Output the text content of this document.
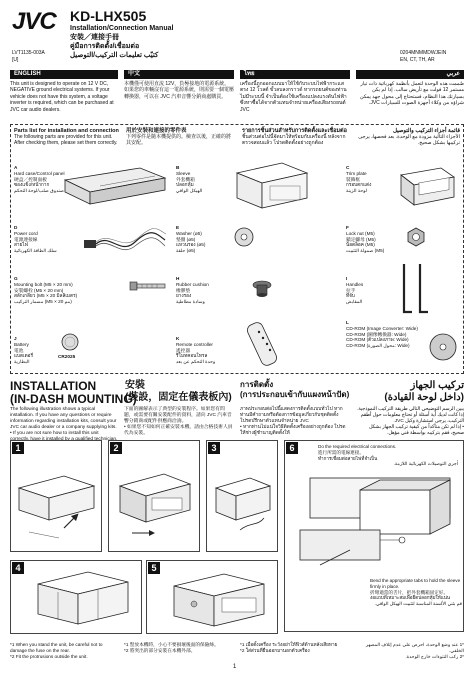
JVC KD-LHX505
Installation/Connection Manual
安裝／連接手冊
คู่มือการติดตั้ง/เชื่อมต่อ
كتيّب تعليمات التركيب/التوصيل
LVT1135-003A
[U]
0204MNMMDWJEIN
EN, CT, TH, AR
ENGLISH	中文	ไทย	عربي
This unit is designed to operate on 12 V DC, NEGATIVE ground electrical systems. If your vehicle does not have this system, a voltage inverter is required, which can be purchased at JVC car audio dealers.
本機僅可使用直流 12V，負極接地的電源系統。如果您的車輛沒有這一電源系統，則需要一個電壓轉換器，可以在 JVC 汽車音響分銷商處購買。
เครื่องนี้ถูกออกแบบมาให้ใช้กับระบบไฟฟ้ากระแสตรง 12 โวลต์ ขั้วลบลงกราวด์ หากรถยนต์ของท่านไม่มีระบบนี้ จำเป็นต้องใช้เครื่องแปลงแรงดันไฟฟ้าซึ่งหาซื้อได้จากตัวแทนจำหน่ายเครื่องเสียงรถยนต์ JVC
صُممت هذه الوحدة لتعمل بأنظمة كهربائية ذات تيار مستمر 12 فولت مع تأريض سالب. إذا لم يكن بسيارتك هذا النظام، فستحتاج إلى محول جهد يمكن شراؤه من وكلاء أجهزة الصوت للسيارات JVC.
Parts list for installation and connection
The following parts are provided for this unit. After checking them, please set them correctly.
用於安裝和連接的零件表
下列零件是隨本機提供的。檢查以後，正確的將其安配。
รายการชิ้นส่วนสำหรับการติดตั้งและเชื่อมต่อ
ชิ้นส่วนต่อไปนี้จัดมาให้พร้อมกับเครื่องนี้ หลังจากตรวจสอบแล้ว โปรดติดตั้งอย่างถูกต้อง
قائمة أجزاء التركيب والتوصيل
الأجزاء التالية مزودة مع الوحدة. بعد فحصها، يرجى تركيبها بشكل صحيح.
A
Hard case/Control panel
硬盒／控制面板
ซองแข็ง/หน้ากาก
صندوق صلب/لوحة التحكم
B
Sleeve
外套機箱
ปลอกหุ้ม
الهيكل الواقي
C
Trim plate
裝飾框
กรอบตกแต่ง
لوحة الزينة
D
Power cord
電源連接線
สายไฟ
سلك الطاقة الكهربائية
E
Washer (ø5)
墊圈 (ø5)
แหวนรอง (ø5)
حلقة (ø5)
F
Lock nut (M5)
鎖定螺母 (M5)
น็อตล็อค (M5)
صمولة التثبيت (M5)
G
Mounting bolt (M5 × 20 mm)
安裝螺栓 (M5 × 20 mm)
สลักเกลียว (M5 × 20 มิลลิเมตร)
مسمار التركيب (M5 × 20 مم)
H
Rubber cushion
橡膠墊
ยางรอง
وسادة مطاطية
I
Handles
拉手
ที่จับ
المقابض
J
Battery
電池
แบตเตอรี่
البطارية
CR2025
K
Remote controller
遙控器
รีโมทคอนโทรล
وحدة التحكم عن بعد
L
CD-ROM (Image Converter: Wide)
CD-ROM (圖像轉換器: Wide)
CD-ROM (ตัวแปลงภาพ: Wide)
CD-ROM (محول الصورة: Wide)
INSTALLATION
(IN-DASH MOUNTING)
安裝
(裝設，固定在儀表板內)
การติดตั้ง
(การประกอบเข้ากับแผงหน้าปัด)
تركيب الجهاز
(داخل لوحة القيادة)
The following illustration shows a typical installation. If you have any questions or require information regarding installation kits, consult your JVC car audio dealer or a company supplying kits.
• If you are not sure how to install this unit technician.
下面的圖解表示了典型的安裝程序。如果您有問題，或需要有關安裝配件的資料，請向 JVC 汽車音響分銷商或配件供應商洽詢。
• 如果您不知如何正確安裝本機，請由合格技術人員代為安裝。
ภาพประกอบต่อไปนี้แสดงการติดตั้งแบบทั่วไป หากท่านมีคำถามหรือต้องการข้อมูลเกี่ยวกับชุดติดตั้ง โปรดปรึกษาตัวแทนจำหน่าย JVC
• หากท่านไม่แน่ใจวิธีติดตั้งเครื่องอย่างถูกต้อง โปรดให้ช่างผู้ชำนาญติดตั้งให้
يبين الرسم التوضيحي التالي طريقة التركيب النموذجية. إذا كانت لديك أية أسئلة أو تحتاج معلومات حول أطقم التركيب، يرجى استشارة وكيل JVC.
• إذا لم تكن متأكداً من كيفية تركيب الجهاز بشكل صحيح، فقم بتركيبه بواسطة فني مؤهل.
1	2	3	6	Do the required electrical connections.
進行所需的電線連接。
ทำการเชื่อมต่อสายไฟที่จำเป็น
أجري التوصيلات الكهربائية اللازمة.
Bend the appropriate tabs to hold the sleeve firmly in place.
折彎適當的舌片，把外套機箱固定好。
งอแถบที่เหมาะสมเพื่อยึดปลอกหุ้มให้แน่น
قم بثني الألسنة المناسبة لتثبيت الهيكل الواقي.
4	5
*1 When you stand the unit, be careful not to damage the fuse on the rear.
*2 Fit the protrusions outside the unit.
*1 豎放本機時，小心不要損壞後面的保險絲。
*2 將突出的部分安裝在本機外部。
*1 เมื่อตั้งเครื่อง ระวังอย่าให้ฟิวส์ด้านหลังเสียหาย
*2 ใส่ส่วนที่ยื่นออกมานอกตัวเครื่อง
*1 عند وضع الوحدة، احرص على عدم إتلاف المصهر الخلفي.
*2 ركب النتوءات خارج الوحدة.
1
